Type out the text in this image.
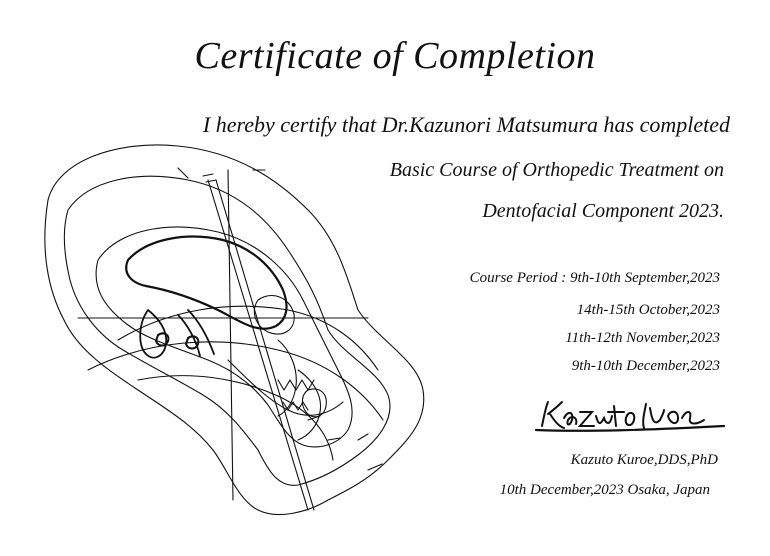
Certificate of Completion
I hereby certify that Dr.Kazunori Matsumura has completed
Basic Course of Orthopedic Treatment on
Dentofacial Component 2023.
Course Period : 9th-10th September,2023
14th-15th October,2023
11th-12th November,2023
9th-10th December,2023
Kazuto Kuroe,DDS,PhD
10th December,2023 Osaka, Japan
